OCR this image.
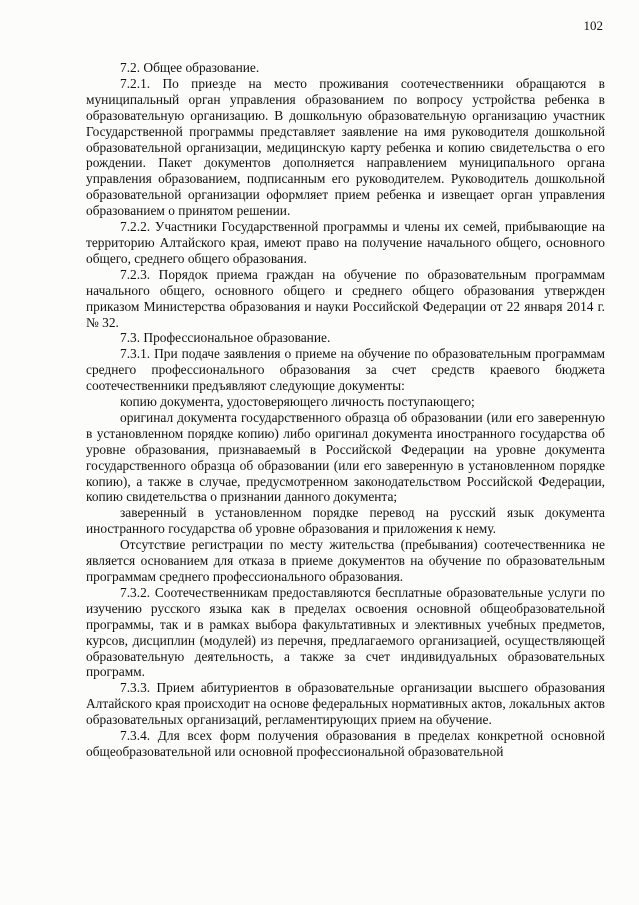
102

7.2. Общее образование.

7.2.1. По приезде на место проживания соотечественники обращаются в муниципальный орган управления образованием по вопросу устройства ребенка в образовательную организацию. В дошкольную образовательную организацию участник Государственной программы представляет заявление на имя руководителя дошкольной образовательной организации, медицинскую карту ребенка и копию свидетельства о его рождении. Пакет документов дополняется направлением муниципального органа управления образованием, подписанным его руководителем. Руководитель дошкольной образовательной организации оформляет прием ребенка и извещает орган управления образованием о принятом решении.

7.2.2. Участники Государственной программы и члены их семей, прибывающие на территорию Алтайского края, имеют право на получение начального общего, основного общего, среднего общего образования.

7.2.3. Порядок приема граждан на обучение по образовательным программам начального общего, основного общего и среднего общего образования утвержден приказом Министерства образования и науки Российской Федерации от 22 января 2014 г. № 32.

7.3. Профессиональное образование.

7.3.1. При подаче заявления о приеме на обучение по образовательным программам среднего профессионального образования за счет средств краевого бюджета соотечественники предъявляют следующие документы:

копию документа, удостоверяющего личность поступающего;

оригинал документа государственного образца об образовании (или его заверенную в установленном порядке копию) либо оригинал документа иностранного государства об уровне образования, признаваемый в Российской Федерации на уровне документа государственного образца об образовании (или его заверенную в установленном порядке копию), а также в случае, предусмотренном законодательством Российской Федерации, копию свидетельства о признании данного документа;

заверенный в установленном порядке перевод на русский язык документа иностранного государства об уровне образования и приложения к нему.

Отсутствие регистрации по месту жительства (пребывания) соотечественника не является основанием для отказа в приеме документов на обучение по образовательным программам среднего профессионального образования.

7.3.2. Соотечественникам предоставляются бесплатные образовательные услуги по изучению русского языка как в пределах освоения основной общеобразовательной программы, так и в рамках выбора факультативных и элективных учебных предметов, курсов, дисциплин (модулей) из перечня, предлагаемого организацией, осуществляющей образовательную деятельность, а также за счет индивидуальных образовательных программ.

7.3.3. Прием абитуриентов в образовательные организации высшего образования Алтайского края происходит на основе федеральных нормативных актов, локальных актов образовательных организаций, регламентирующих прием на обучение.

7.3.4. Для всех форм получения образования в пределах конкретной основной общеобразовательной или основной профессиональной образовательной
